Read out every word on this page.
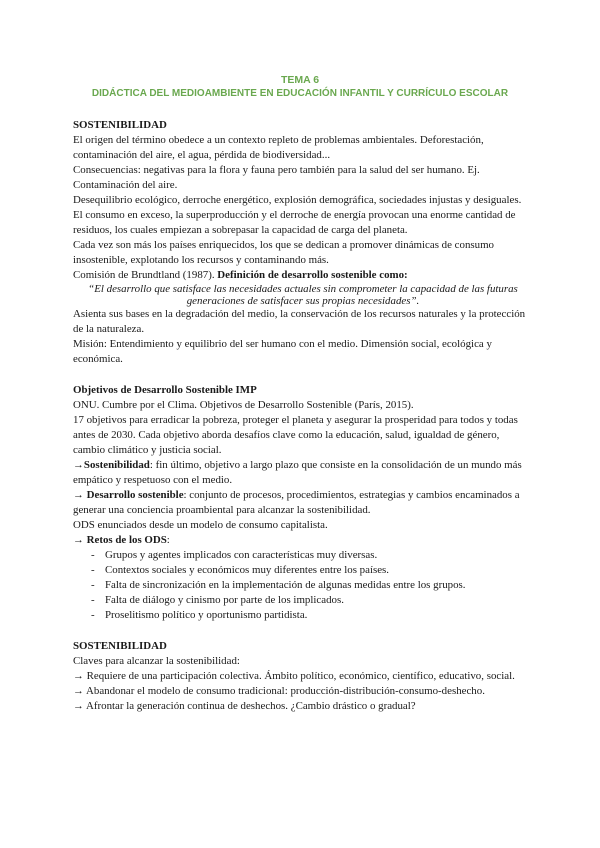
TEMA 6
DIDÁCTICA DEL MEDIOAMBIENTE EN EDUCACIÓN INFANTIL Y CURRÍCULO ESCOLAR

SOSTENIBILIDAD

El origen del término obedece a un contexto repleto de problemas ambientales. Deforestación, contaminación del aire, el agua, pérdida de biodiversidad...

Consecuencias: negativas para la flora y fauna pero también para la salud del ser humano. Ej. Contaminación del aire.

Desequilibrio ecológico, derroche energético, explosión demográfica, sociedades injustas y desiguales.

El consumo en exceso, la superproducción y el derroche de energía provocan una enorme cantidad de residuos, los cuales empiezan a sobrepasar la capacidad de carga del planeta.

Cada vez son más los países enriquecidos, los que se dedican a promover dinámicas de consumo insostenible, explotando los recursos y contaminando más.

Comisión de Brundtland (1987). Definición de desarrollo sostenible como:

“El desarrollo que satisface las necesidades actuales sin comprometer la capacidad de las futuras generaciones de satisfacer sus propias necesidades”.

Asienta sus bases en la degradación del medio, la conservación de los recursos naturales y la protección de la naturaleza.

Misión: Entendimiento y equilibrio del ser humano con el medio. Dimensión social, ecológica y económica.

Objetivos de Desarrollo Sostenible IMP

ONU. Cumbre por el Clima. Objetivos de Desarrollo Sostenible (París, 2015).

17 objetivos para erradicar la pobreza, proteger el planeta y asegurar la prosperidad para todos y todas antes de 2030. Cada objetivo aborda desafíos clave como la educación, salud, igualdad de género, cambio climático y justicia social.

→Sostenibilidad: fin último, objetivo a largo plazo que consiste en la consolidación de un mundo más empático y respetuoso con el medio.

→ Desarrollo sostenible: conjunto de procesos, procedimientos, estrategias y cambios encaminados a generar una conciencia proambiental para alcanzar la sostenibilidad.

ODS enunciados desde un modelo de consumo capitalista.

→ Retos de los ODS:

- Grupos y agentes implicados con características muy diversas.
- Contextos sociales y económicos muy diferentes entre los países.
- Falta de sincronización en la implementación de algunas medidas entre los grupos.
- Falta de diálogo y cinismo por parte de los implicados.
- Proselitismo político y oportunismo partidista.

SOSTENIBILIDAD

Claves para alcanzar la sostenibilidad:

→ Requiere de una participación colectiva. Ámbito político, económico, científico, educativo, social.

→ Abandonar el modelo de consumo tradicional: producción-distribución-consumo-deshecho.

→ Afrontar la generación continua de deshechos. ¿Cambio drástico o gradual?
